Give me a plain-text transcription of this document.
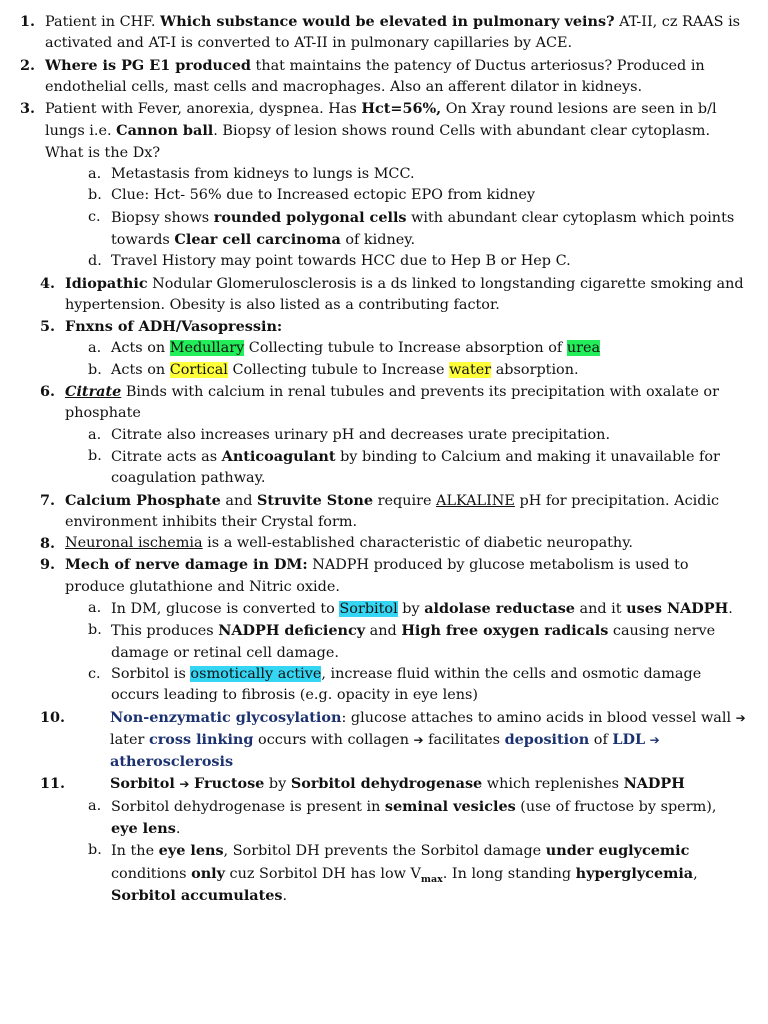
1. Patient in CHF. Which substance would be elevated in pulmonary veins? AT-II, cz RAAS is activated and AT-I is converted to AT-II in pulmonary capillaries by ACE.
2. Where is PG E1 produced that maintains the patency of Ductus arteriosus? Produced in endothelial cells, mast cells and macrophages. Also an afferent dilator in kidneys.
3. Patient with Fever, anorexia, dyspnea. Has Hct=56%, On Xray round lesions are seen in b/l lungs i.e. Cannon ball. Biopsy of lesion shows round Cells with abundant clear cytoplasm. What is the Dx?
a. Metastasis from kidneys to lungs is MCC.
b. Clue: Hct- 56% due to Increased ectopic EPO from kidney
c. Biopsy shows rounded polygonal cells with abundant clear cytoplasm which points towards Clear cell carcinoma of kidney.
d. Travel History may point towards HCC due to Hep B or Hep C.
4. Idiopathic Nodular Glomerulosclerosis is a ds linked to longstanding cigarette smoking and hypertension. Obesity is also listed as a contributing factor.
5. Fnxns of ADH/Vasopressin:
a. Acts on Medullary Collecting tubule to Increase absorption of urea
b. Acts on Cortical Collecting tubule to Increase water absorption.
6. Citrate Binds with calcium in renal tubules and prevents its precipitation with oxalate or phosphate
a. Citrate also increases urinary pH and decreases urate precipitation.
b. Citrate acts as Anticoagulant by binding to Calcium and making it unavailable for coagulation pathway.
7. Calcium Phosphate and Struvite Stone require ALKALINE pH for precipitation. Acidic environment inhibits their Crystal form.
8. Neuronal ischemia is a well-established characteristic of diabetic neuropathy.
9. Mech of nerve damage in DM: NADPH produced by glucose metabolism is used to produce glutathione and Nitric oxide.
a. In DM, glucose is converted to Sorbitol by aldolase reductase and it uses NADPH.
b. This produces NADPH deficiency and High free oxygen radicals causing nerve damage or retinal cell damage.
c. Sorbitol is osmotically active, increase fluid within the cells and osmotic damage occurs leading to fibrosis (e.g. opacity in eye lens)
10.	Non-enzymatic glycosylation: glucose attaches to amino acids in blood vessel wall ➔ later cross linking occurs with collagen ➔ facilitates deposition of LDL ➔ atherosclerosis
11.	Sorbitol ➔ Fructose by Sorbitol dehydrogenase which replenishes NADPH
a. Sorbitol dehydrogenase is present in seminal vesicles (use of fructose by sperm), eye lens.
b. In the eye lens, Sorbitol DH prevents the Sorbitol damage under euglycemic conditions only cuz Sorbitol DH has low $V_{max}$. In long standing hyperglycemia, Sorbitol accumulates.
